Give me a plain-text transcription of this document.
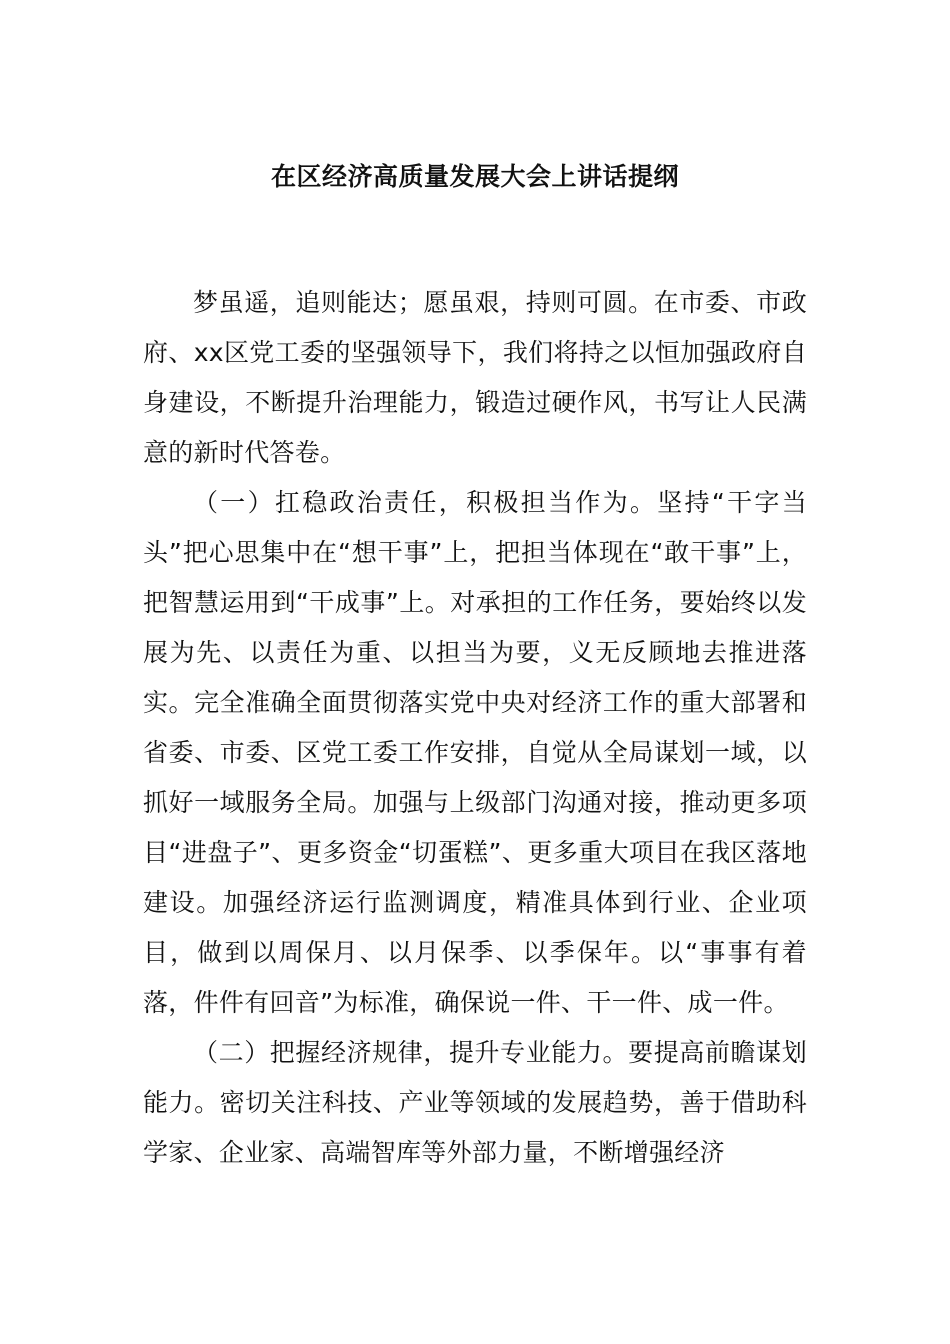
在区经济高质量发展大会上讲话提纲

梦虽遥，追则能达；愿虽艰，持则可圆。在市委、市政府、xx区党工委的坚强领导下，我们将持之以恒加强政府自身建设，不断提升治理能力，锻造过硬作风，书写让人民满意的新时代答卷。

（一）扛稳政治责任，积极担当作为。坚持“干字当头”把心思集中在“想干事”上，把担当体现在“敢干事”上，把智慧运用到“干成事”上。对承担的工作任务，要始终以发展为先、以责任为重、以担当为要，义无反顾地去推进落实。完全准确全面贯彻落实党中央对经济工作的重大部署和省委、市委、区党工委工作安排，自觉从全局谋划一域，以抓好一域服务全局。加强与上级部门沟通对接，推动更多项目“进盘子”、更多资金“切蛋糕”、更多重大项目在我区落地建设。加强经济运行监测调度，精准具体到行业、企业项目，做到以周保月、以月保季、以季保年。以“事事有着落，件件有回音”为标准，确保说一件、干一件、成一件。

（二）把握经济规律，提升专业能力。要提高前瞻谋划能力。密切关注科技、产业等领域的发展趋势，善于借助科学家、企业家、高端智库等外部力量，不断增强经济
